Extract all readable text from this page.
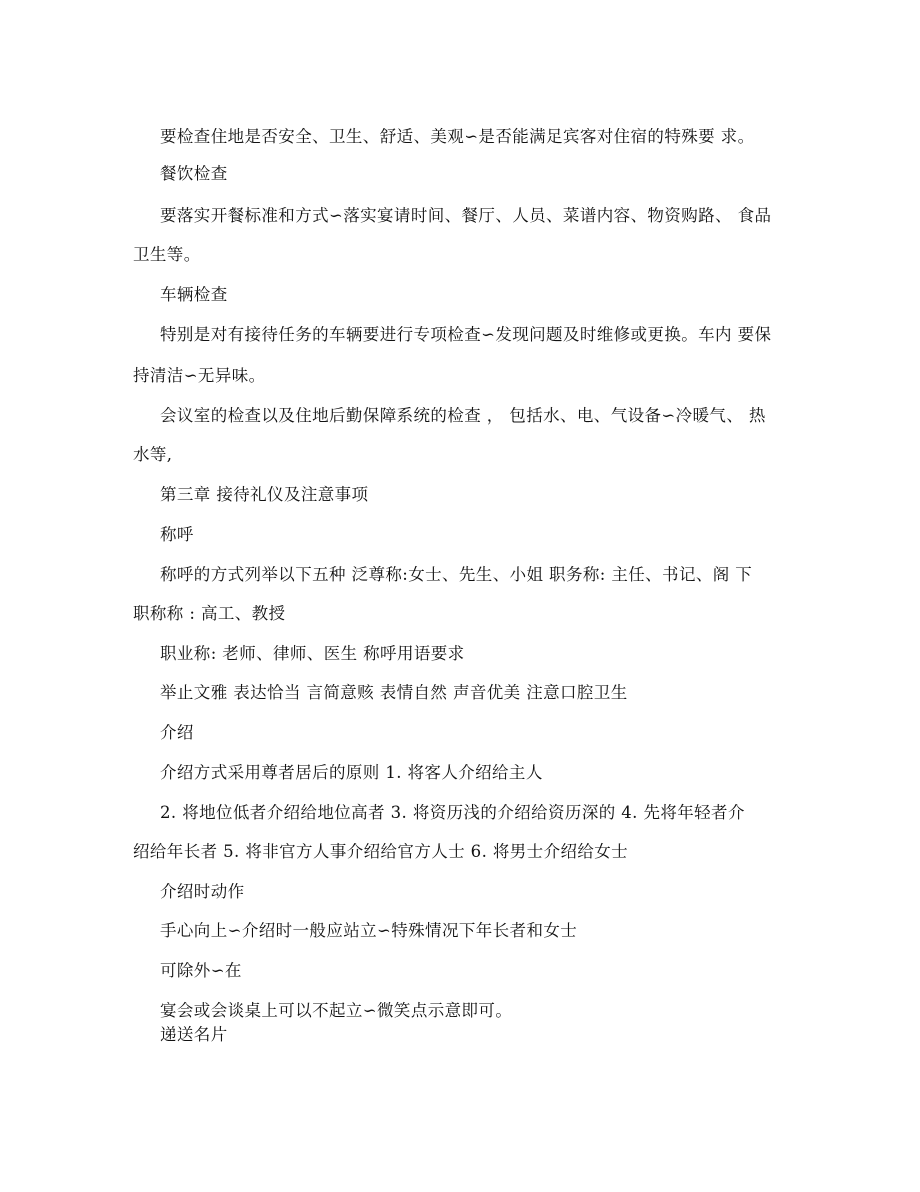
要检查住地是否安全、卫生、舒适、美观∽是否能满足宾客对住宿的特殊要 求。
餐饮检查
要落实开餐标准和方式∽落实宴请时间、餐厅、人员、菜谱内容、物资购路、 食品
卫生等。
车辆检查
特别是对有接待任务的车辆要进行专项检查∽发现问题及时维修或更换。车内 要保
持清洁∽无异味。
会议室的检查以及住地后勤保障系统的检查 ， 包括水、电、气设备∽冷暖气、 热
水等,
第三章 接待礼仪及注意事项
称呼
称呼的方式列举以下五种 泛尊称:女士、先生、小姐 职务称: 主任、书记、阁 下
职称称 : 高工、教授
职业称: 老师、律师、医生 称呼用语要求
举止文雅 表达恰当 言简意赅 表情自然 声音优美 注意口腔卫生
介绍
介绍方式采用尊者居后的原则 1. 将客人介绍给主人
2. 将地位低者介绍给地位高者 3. 将资历浅的介绍给资历深的 4. 先将年轻者介
绍给年长者 5. 将非官方人事介绍给官方人士 6. 将男士介绍给女士
介绍时动作
手心向上∽介绍时一般应站立∽特殊情况下年长者和女士
可除外∽在
宴会或会谈桌上可以不起立∽微笑点示意即可。
递送名片
